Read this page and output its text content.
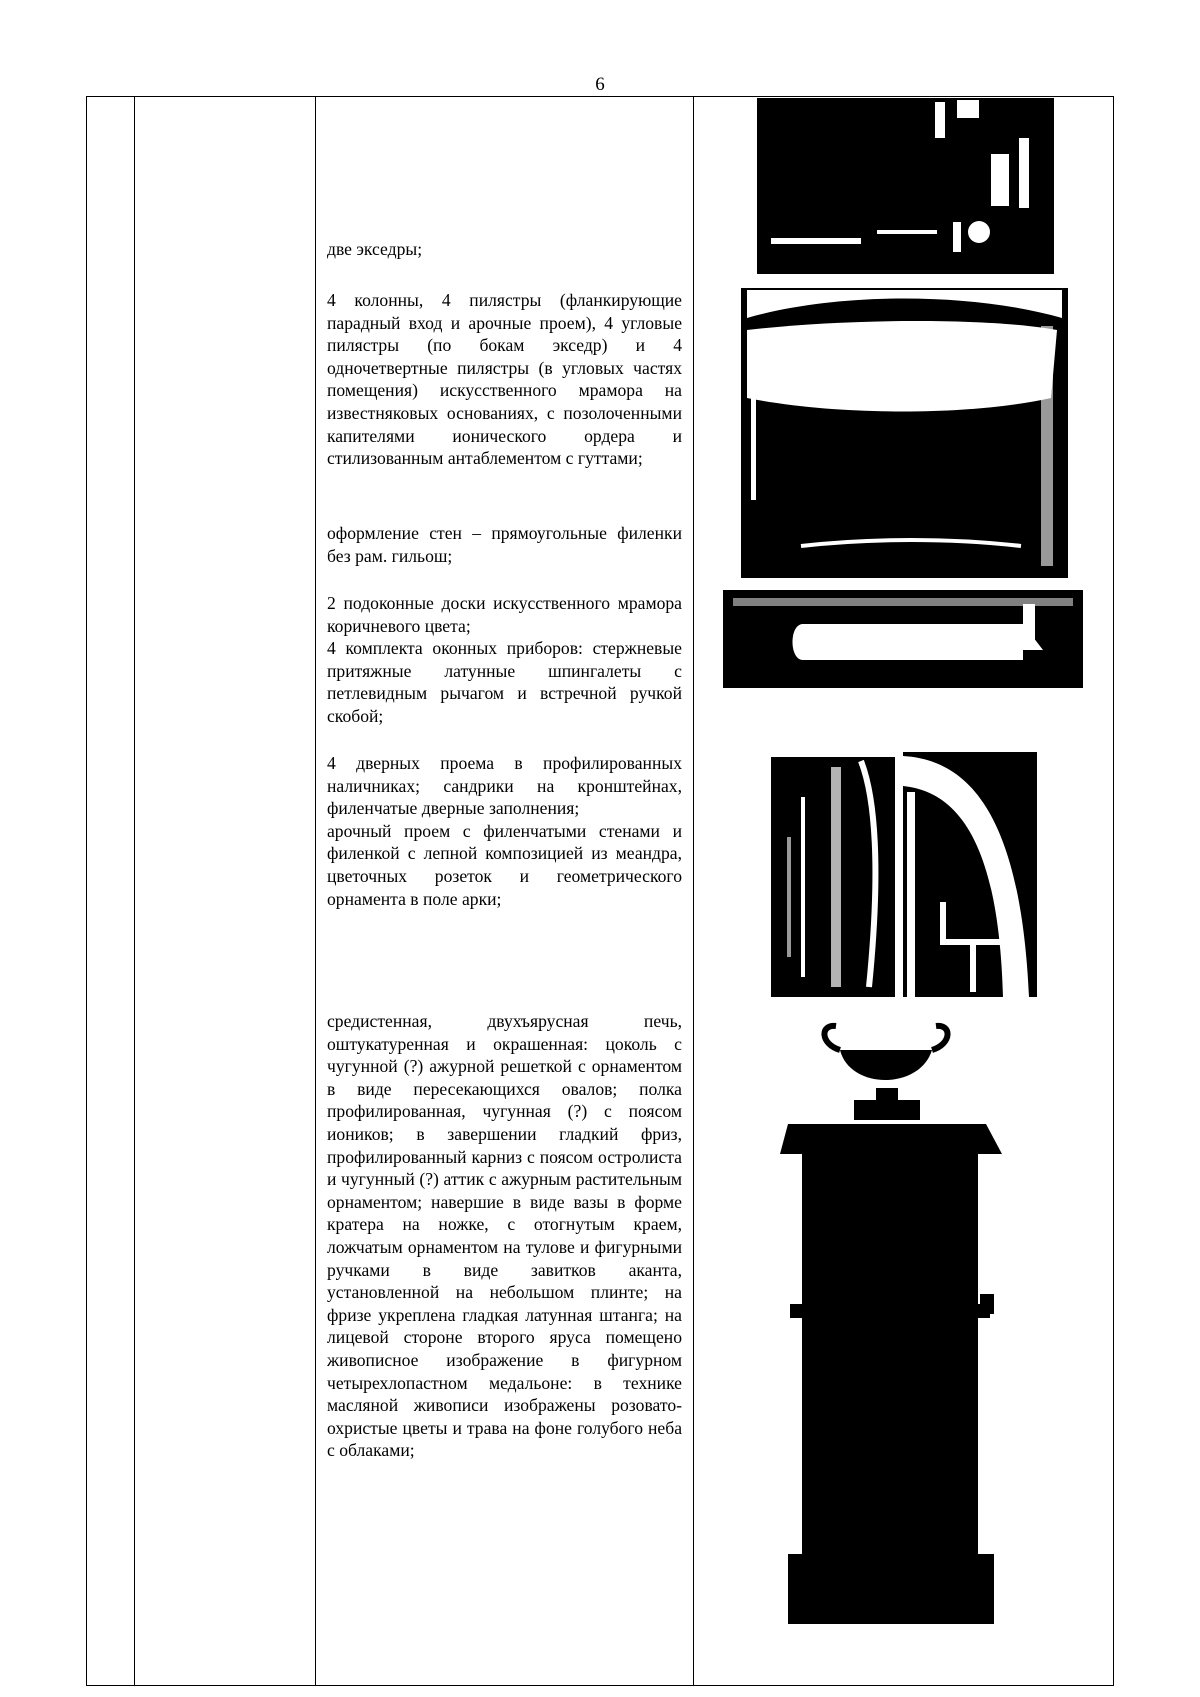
6
две экседры;
4 колонны, 4 пилястры (фланкирующие парадный вход и арочные проем), 4 угловые пилястры (по бокам экседр) и 4 одночетвертные пилястры (в угловых частях помещения) искусственного мрамора на известняковых основаниях, с позолоченными капителями ионического ордера и стилизованным антаблементом с гуттами;
оформление стен – прямоугольные филенки без рам. гильош;

2 подоконные доски искусственного мрамора коричневого цвета;

4 комплекта оконных приборов: стержневые притяжные латунные шпингалеты с петлевидным рычагом и встречной ручкой скобой;

4 дверных проема в профилированных наличниках; сандрики на кронштейнах, филенчатые дверные заполнения;

арочный проем с филенчатыми стенами и филенкой с лепной композицией из меандра, цветочных розеток и геометрического орнамента в поле арки;

средистенная, двухъярусная печь, оштукатуренная и окрашенная: цоколь с чугунной (?) ажурной решеткой с орнаментом в виде пересекающихся овалов; полка профилированная, чугунная (?) с поясом иоников; в завершении гладкий фриз, профилированный карниз с поясом остролиста и чугунный (?) аттик с ажурным растительным орнаментом; навершие в виде вазы в форме кратера на ножке, с отогнутым краем, ложчатым орнаментом на тулове и фигурными ручками в виде завитков аканта, установленной на небольшом плинте; на фризе укреплена гладкая латунная штанга; на лицевой стороне второго яруса помещено живописное изображение в фигурном четырехлопастном медальоне: в технике масляной живописи изображены розовато-охристые цветы и трава на фоне голубого неба с облаками;
